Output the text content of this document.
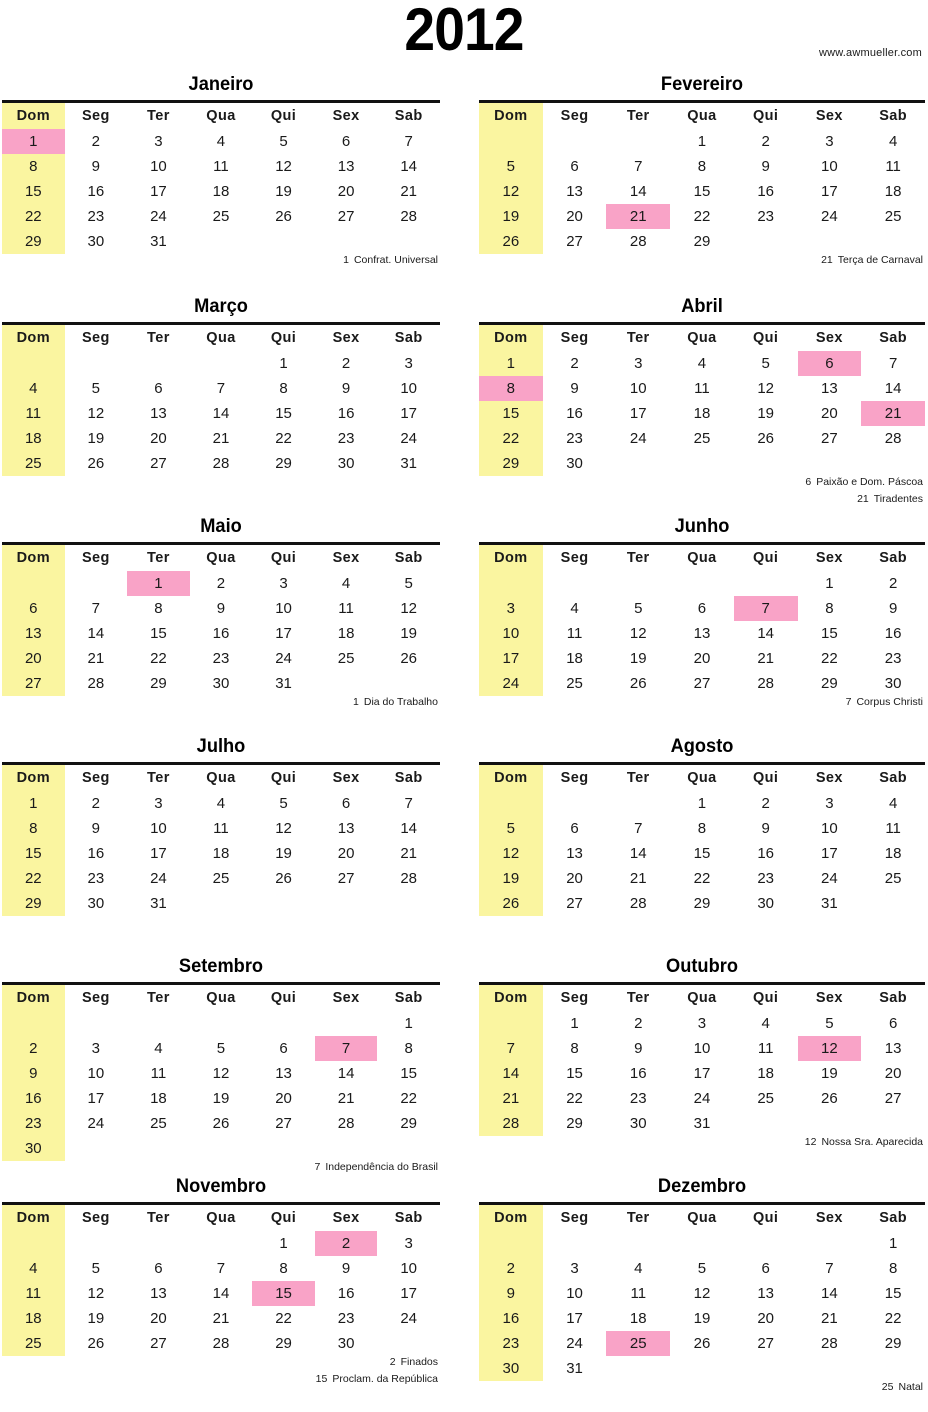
2012	www.awmueller.com
Janeiro
Dom	Seg	Ter	Qua	Qui	Sex	Sab

1	2	3	4	5	6	7

8	9	10	11	12	13	14

15	16	17	18	19	20	21

22	23	24	25	26	27	28

29	30	31				

1 Confrat. Universal
Fevereiro
Dom	Seg	Ter	Qua	Qui	Sex	Sab

			1	2	3	4

5	6	7	8	9	10	11

12	13	14	15	16	17	18

19	20	21	22	23	24	25

26	27	28	29			

21 Terça de Carnaval
Março
Dom	Seg	Ter	Qua	Qui	Sex	Sab

				1	2	3

4	5	6	7	8	9	10

11	12	13	14	15	16	17

18	19	20	21	22	23	24

25	26	27	28	29	30	31
Abril
Dom	Seg	Ter	Qua	Qui	Sex	Sab

1	2	3	4	5	6	7

8	9	10	11	12	13	14

15	16	17	18	19	20	21

22	23	24	25	26	27	28

29	30					

6 Paixão e Dom. Páscoa
21 Tiradentes
Maio
Dom	Seg	Ter	Qua	Qui	Sex	Sab

		1	2	3	4	5

6	7	8	9	10	11	12

13	14	15	16	17	18	19

20	21	22	23	24	25	26

27	28	29	30	31		

1 Dia do Trabalho
Junho
Dom	Seg	Ter	Qua	Qui	Sex	Sab

					1	2

3	4	5	6	7	8	9

10	11	12	13	14	15	16

17	18	19	20	21	22	23

24	25	26	27	28	29	30
7 Corpus Christi
Julho
Dom	Seg	Ter	Qua	Qui	Sex	Sab

1	2	3	4	5	6	7

8	9	10	11	12	13	14

15	16	17	18	19	20	21

22	23	24	25	26	27	28

29	30	31				

Agosto
Dom	Seg	Ter	Qua	Qui	Sex	Sab

			1	2	3	4

5	6	7	8	9	10	11

12	13	14	15	16	17	18

19	20	21	22	23	24	25

26	27	28	29	30	31	

Setembro
Dom	Seg	Ter	Qua	Qui	Sex	Sab

						1

2	3	4	5	6	7	8

9	10	11	12	13	14	15

16	17	18	19	20	21	22

23	24	25	26	27	28	29

30						

7 Independência do Brasil
Outubro
Dom	Seg	Ter	Qua	Qui	Sex	Sab

	1	2	3	4	5	6

7	8	9	10	11	12	13

14	15	16	17	18	19	20

21	22	23	24	25	26	27

28	29	30	31			

12 Nossa Sra. Aparecida
Novembro
Dom	Seg	Ter	Qua	Qui	Sex	Sab

				1	2	3

4	5	6	7	8	9	10

11	12	13	14	15	16	17

18	19	20	21	22	23	24

25	26	27	28	29	30	

2 Finados
15 Proclam. da República
Dezembro
Dom	Seg	Ter	Qua	Qui	Sex	Sab

						1

2	3	4	5	6	7	8

9	10	11	12	13	14	15

16	17	18	19	20	21	22

23	24	25	26	27	28	29

30	31					

25 Natal
